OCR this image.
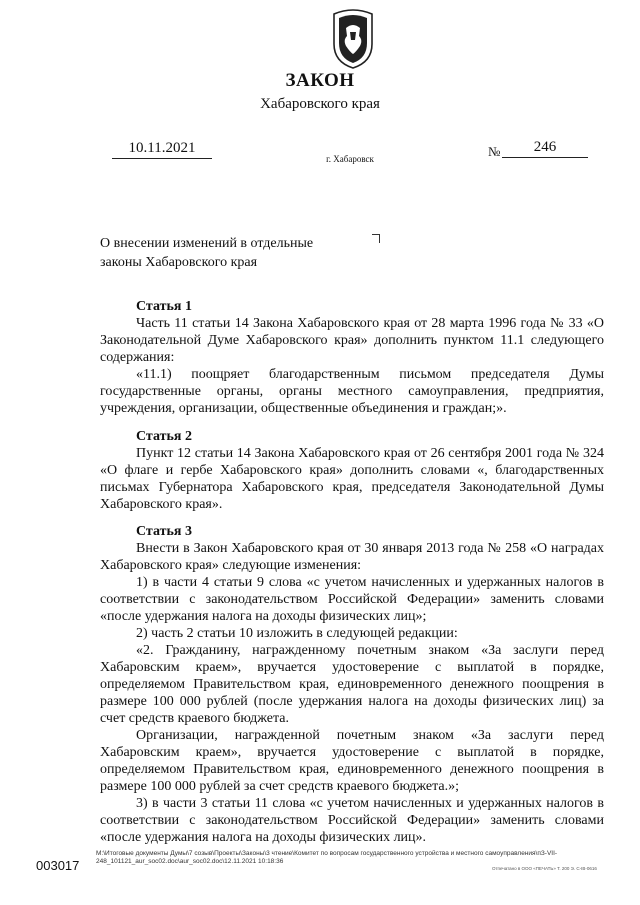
ЗАКОН
Хабаровского края
10.11.2021	№	246
г. Хабаровск
О внесении изменений в отдельные
законы Хабаровского края

Статья 1

Часть 11 статьи 14 Закона Хабаровского края от 28 марта 1996 года № 33 «О Законодательной Думе Хабаровского края» дополнить пунктом 11.1 следующего содержания:

«11.1) поощряет благодарственным письмом председателя Думы государственные органы, органы местного самоуправления, предприятия, учреждения, организации, общественные объединения и граждан;».

Статья 2

Пункт 12 статьи 14 Закона Хабаровского края от 26 сентября 2001 года № 324 «О флаге и гербе Хабаровского края» дополнить словами «, благодарственных письмах Губернатора Хабаровского края, председателя Законодательной Думы Хабаровского края».

Статья 3

Внести в Закон Хабаровского края от 30 января 2013 года № 258 «О наградах Хабаровского края» следующие изменения:

1) в части 4 статьи 9 слова «с учетом начисленных и удержанных налогов в соответствии с законодательством Российской Федерации» заменить словами «после удержания налога на доходы физических лиц»;

2) часть 2 статьи 10 изложить в следующей редакции:

«2. Гражданину, награжденному почетным знаком «За заслуги перед Хабаровским краем», вручается удостоверение с выплатой в порядке, определяемом Правительством края, единовременного денежного поощрения в размере 100 000 рублей (после удержания налога на доходы физических лиц) за счет средств краевого бюджета.

Организации, награжденной почетным знаком «За заслуги перед Хабаровским краем», вручается удостоверение с выплатой в порядке, определяемом Правительством края, единовременного денежного поощрения в размере 100 000 рублей за счет средств краевого бюджета.»;

3) в части 3 статьи 11 слова «с учетом начисленных и удержанных налогов в соответствии с законодательством Российской Федерации» заменить словами «после удержания налога на доходы физических лиц».

003017
М:\Итоговые документы Думы\7 созыв\Проекты\Законы\3 чтение\Комитет по вопросам государственного устройства и местного самоуправления\пЗ-VII-248_101121_aur_soc02.doc\aur_soc02.doc\12.11.2021 10:18:36
Отпечатано в ООО «ПЕЧАТЬ» Т. 200 Э. С-IB-0616
